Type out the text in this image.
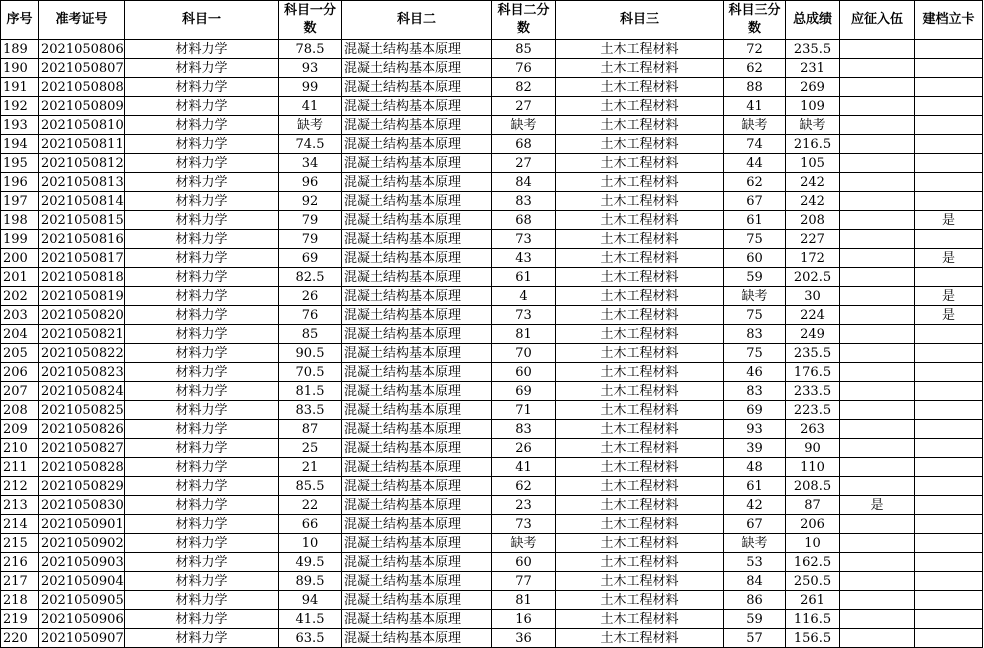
序号	准考证号	科目一	科目一分数	科目二	科目二分数	科目三	科目三分数	总成绩	应征入伍	建档立卡
189	2021050806	材料力学	78.5	混凝土结构基本原理	85	土木工程材料	72	235.5		
190	2021050807	材料力学	93	混凝土结构基本原理	76	土木工程材料	62	231		
191	2021050808	材料力学	99	混凝土结构基本原理	82	土木工程材料	88	269		
192	2021050809	材料力学	41	混凝土结构基本原理	27	土木工程材料	41	109		
193	2021050810	材料力学	缺考	混凝土结构基本原理	缺考	土木工程材料	缺考	缺考		
194	2021050811	材料力学	74.5	混凝土结构基本原理	68	土木工程材料	74	216.5		
195	2021050812	材料力学	34	混凝土结构基本原理	27	土木工程材料	44	105		
196	2021050813	材料力学	96	混凝土结构基本原理	84	土木工程材料	62	242		
197	2021050814	材料力学	92	混凝土结构基本原理	83	土木工程材料	67	242		
198	2021050815	材料力学	79	混凝土结构基本原理	68	土木工程材料	61	208		是
199	2021050816	材料力学	79	混凝土结构基本原理	73	土木工程材料	75	227		
200	2021050817	材料力学	69	混凝土结构基本原理	43	土木工程材料	60	172		是
201	2021050818	材料力学	82.5	混凝土结构基本原理	61	土木工程材料	59	202.5		
202	2021050819	材料力学	26	混凝土结构基本原理	4	土木工程材料	缺考	30		是
203	2021050820	材料力学	76	混凝土结构基本原理	73	土木工程材料	75	224		是
204	2021050821	材料力学	85	混凝土结构基本原理	81	土木工程材料	83	249		
205	2021050822	材料力学	90.5	混凝土结构基本原理	70	土木工程材料	75	235.5		
206	2021050823	材料力学	70.5	混凝土结构基本原理	60	土木工程材料	46	176.5		
207	2021050824	材料力学	81.5	混凝土结构基本原理	69	土木工程材料	83	233.5		
208	2021050825	材料力学	83.5	混凝土结构基本原理	71	土木工程材料	69	223.5		
209	2021050826	材料力学	87	混凝土结构基本原理	83	土木工程材料	93	263		
210	2021050827	材料力学	25	混凝土结构基本原理	26	土木工程材料	39	90		
211	2021050828	材料力学	21	混凝土结构基本原理	41	土木工程材料	48	110		
212	2021050829	材料力学	85.5	混凝土结构基本原理	62	土木工程材料	61	208.5		
213	2021050830	材料力学	22	混凝土结构基本原理	23	土木工程材料	42	87	是	
214	2021050901	材料力学	66	混凝土结构基本原理	73	土木工程材料	67	206		
215	2021050902	材料力学	10	混凝土结构基本原理	缺考	土木工程材料	缺考	10		
216	2021050903	材料力学	49.5	混凝土结构基本原理	60	土木工程材料	53	162.5		
217	2021050904	材料力学	89.5	混凝土结构基本原理	77	土木工程材料	84	250.5		
218	2021050905	材料力学	94	混凝土结构基本原理	81	土木工程材料	86	261		
219	2021050906	材料力学	41.5	混凝土结构基本原理	16	土木工程材料	59	116.5		
220	2021050907	材料力学	63.5	混凝土结构基本原理	36	土木工程材料	57	156.5		
